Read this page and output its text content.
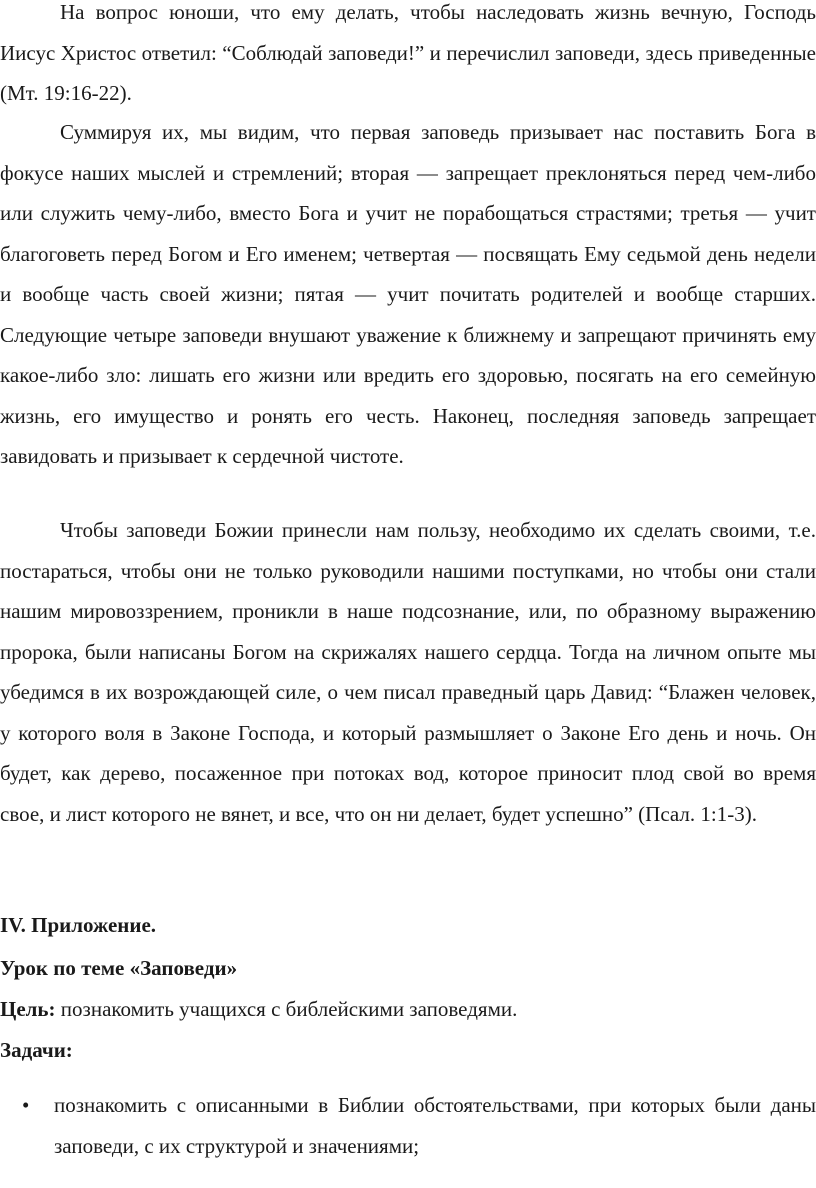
На вопрос юноши, что ему делать, чтобы наследовать жизнь вечную, Господь Иисус Христос ответил: “Соблюдай заповеди!” и перечислил заповеди, здесь приведенные (Мт. 19:16-22).

Суммируя их, мы видим, что первая заповедь призывает нас поставить Бога в фокусе наших мыслей и стремлений; вторая — запрещает преклоняться перед чем-либо или служить чему-либо, вместо Бога и учит не порабощаться страстями; третья — учит благоговеть перед Богом и Его именем; четвертая — посвящать Ему седьмой день недели и вообще часть своей жизни; пятая — учит почитать родителей и вообще старших. Следующие четыре заповеди внушают уважение к ближнему и запрещают причинять ему какое-либо зло: лишать его жизни или вредить его здоровью, посягать на его семейную жизнь, его имущество и ронять его честь. Наконец, последняя заповедь запрещает завидовать и призывает к сердечной чистоте.

Чтобы заповеди Божии принесли нам пользу, необходимо их сделать своими, т.е. постараться, чтобы они не только руководили нашими поступками, но чтобы они стали нашим мировоззрением, проникли в наше подсознание, или, по образному выражению пророка, были написаны Богом на скрижалях нашего сердца. Тогда на личном опыте мы убедимся в их возрождающей силе, о чем писал праведный царь Давид: “Блажен человек, у которого воля в Законе Господа, и который размышляет о Законе Его день и ночь. Он будет, как дерево, посаженное при потоках вод, которое приносит плод свой во время свое, и лист которого не вянет, и все, что он ни делает, будет успешно” (Псал. 1:1-3).

IV. Приложение.

Урок по теме «Заповеди»

Цель: познакомить учащихся с библейскими заповедями.

Задачи:

• познакомить с описанными в Библии обстоятельствами, при которых были даны заповеди, с их структурой и значениями;
